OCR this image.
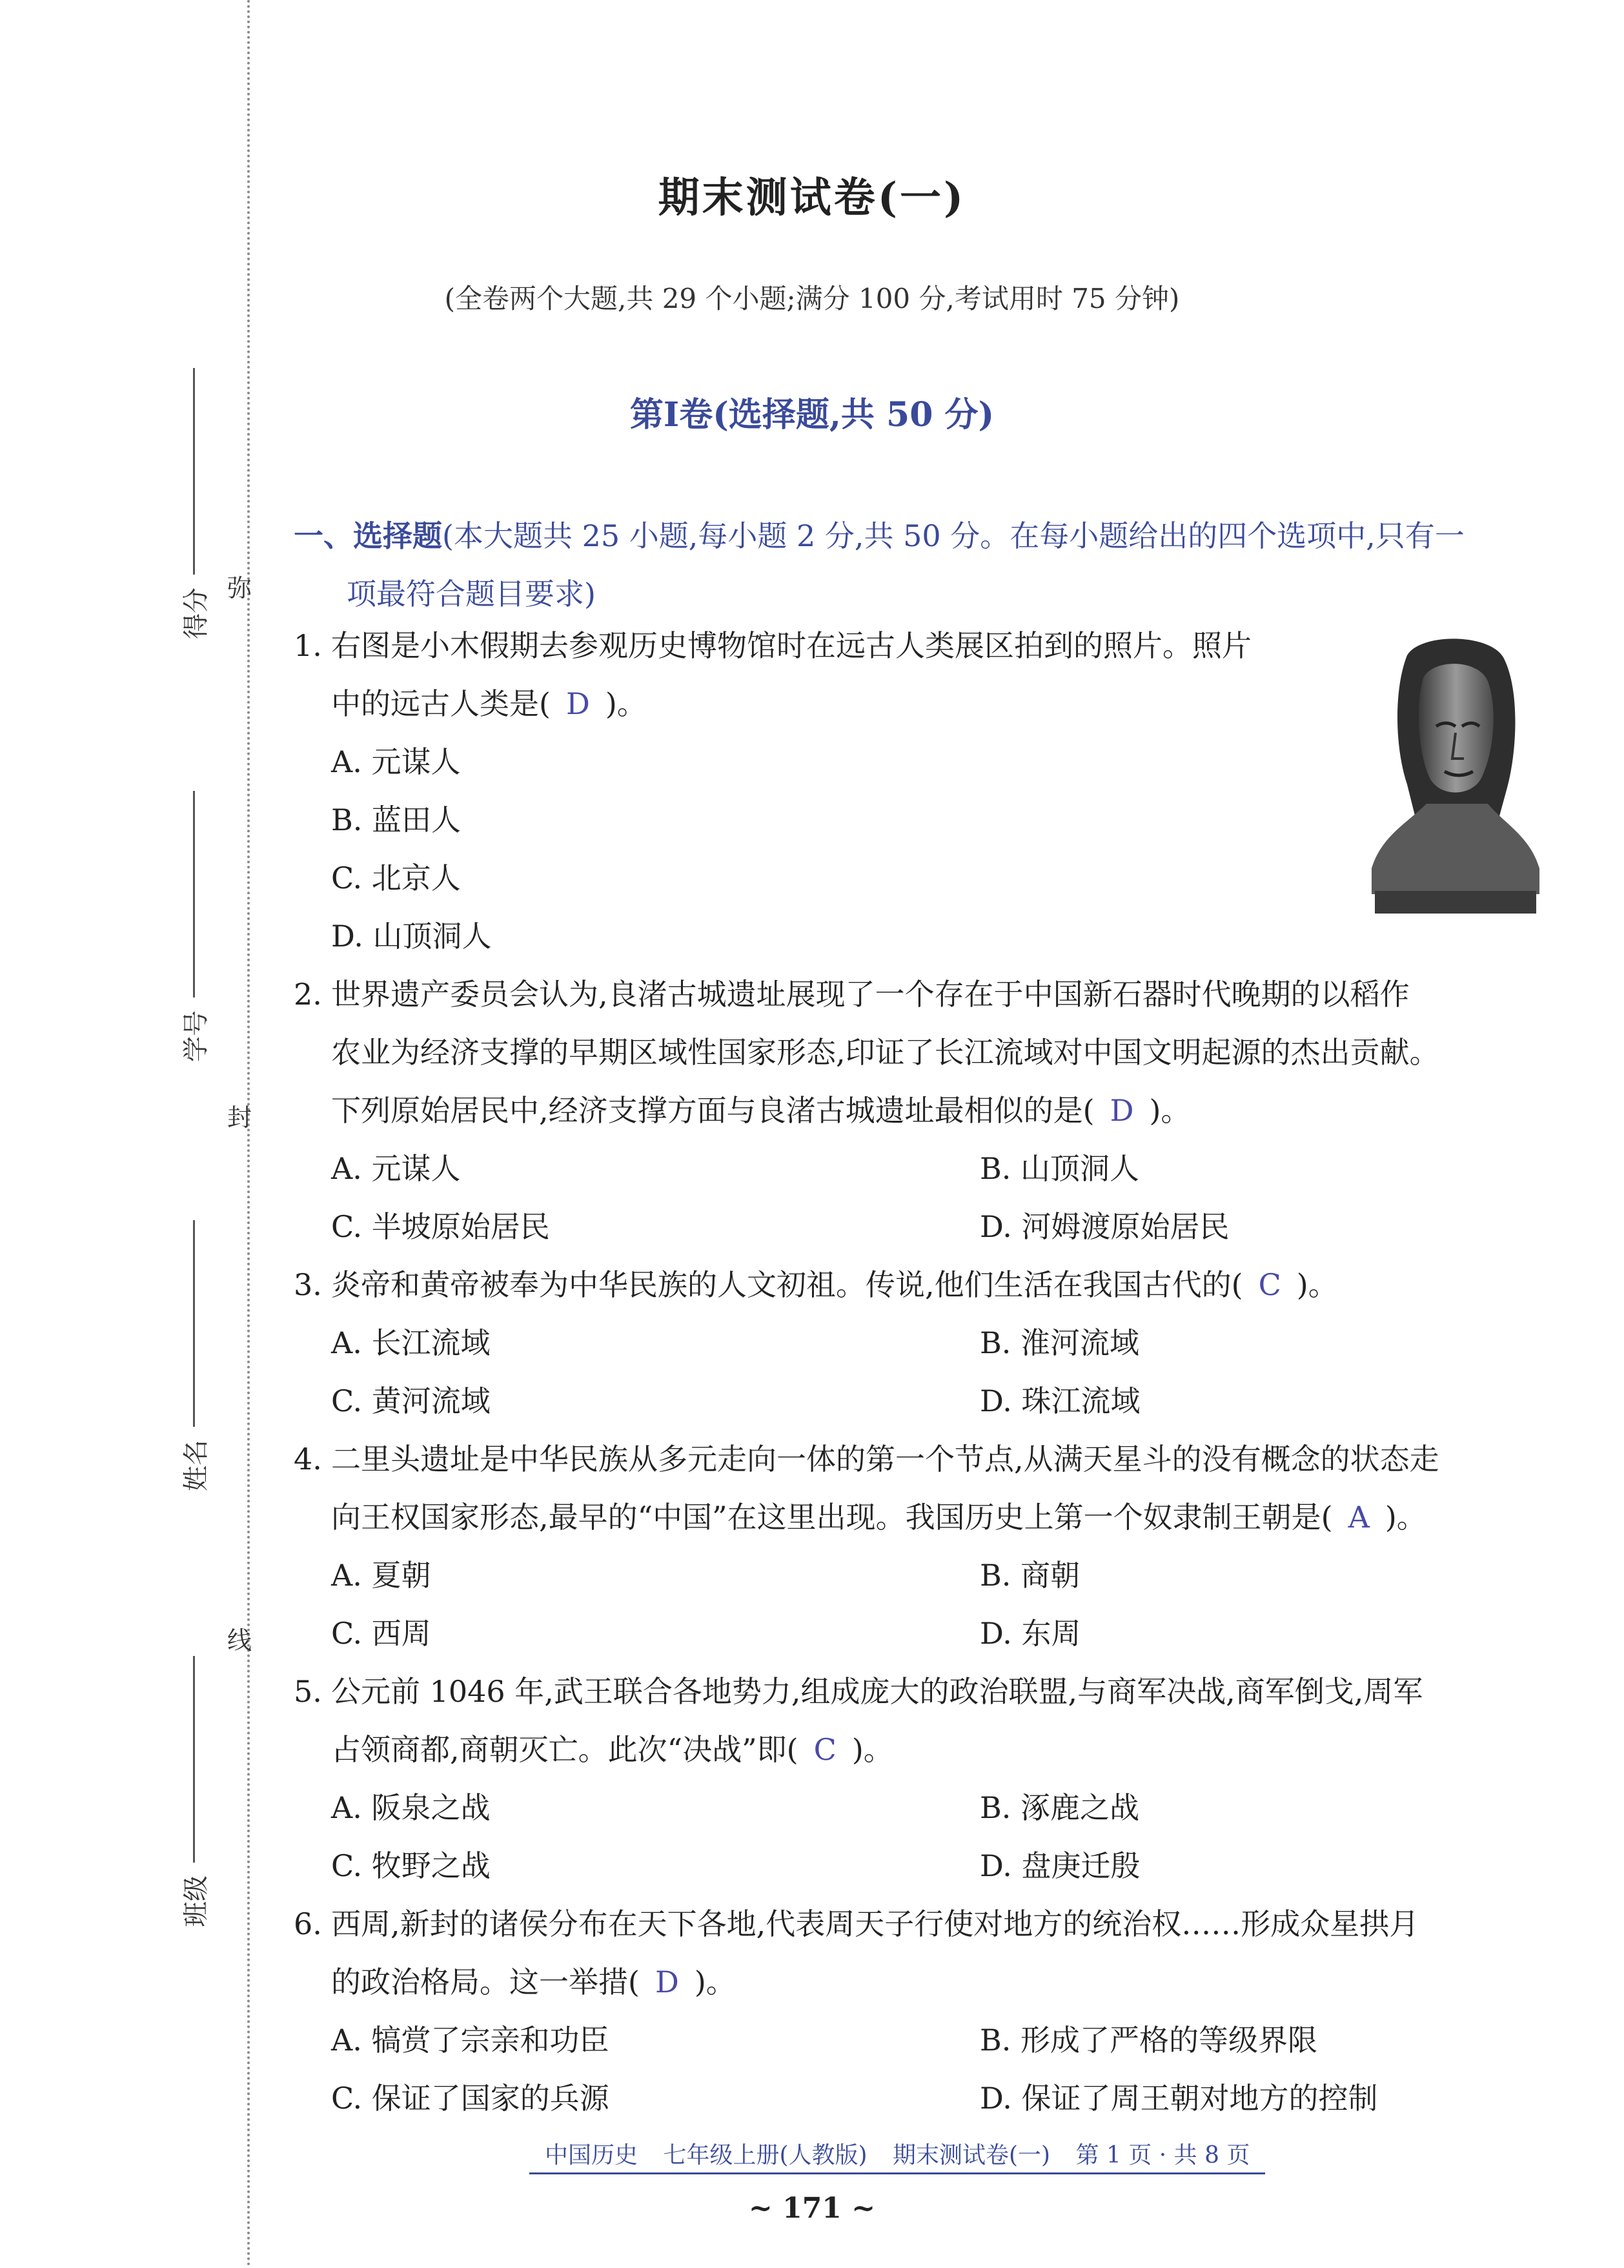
弥
封
线
得分
学号
姓名
班级
期末测试卷(一)
(全卷两个大题,共 29 个小题;满分 100 分,考试用时 75 分钟)
第Ⅰ卷(选择题,共 50 分)
一、选择题(本大题共 25 小题,每小题 2 分,共 50 分。在每小题给出的四个选项中,只有一
项最符合题目要求)
1. 右图是小木假期去参观历史博物馆时在远古人类展区拍到的照片。照片
中的远古人类是( D )。
A. 元谋人
B. 蓝田人
C. 北京人
D. 山顶洞人
2. 世界遗产委员会认为,良渚古城遗址展现了一个存在于中国新石器时代晚期的以稻作
农业为经济支撑的早期区域性国家形态,印证了长江流域对中国文明起源的杰出贡献。
下列原始居民中,经济支撑方面与良渚古城遗址最相似的是( D )。
A. 元谋人	B. 山顶洞人
C. 半坡原始居民	D. 河姆渡原始居民
3. 炎帝和黄帝被奉为中华民族的人文初祖。传说,他们生活在我国古代的( C )。
A. 长江流域	B. 淮河流域
C. 黄河流域	D. 珠江流域
4. 二里头遗址是中华民族从多元走向一体的第一个节点,从满天星斗的没有概念的状态走
向王权国家形态,最早的“中国”在这里出现。我国历史上第一个奴隶制王朝是( A )。
A. 夏朝	B. 商朝
C. 西周	D. 东周
5. 公元前 1046 年,武王联合各地势力,组成庞大的政治联盟,与商军决战,商军倒戈,周军
占领商都,商朝灭亡。此次“决战”即( C )。
A. 阪泉之战	B. 涿鹿之战
C. 牧野之战	D. 盘庚迁殷
6. 西周,新封的诸侯分布在天下各地,代表周天子行使对地方的统治权……形成众星拱月
的政治格局。这一举措( D )。
A. 犒赏了宗亲和功臣	B. 形成了严格的等级界限
C. 保证了国家的兵源	D. 保证了周王朝对地方的控制
中国历史 七年级上册(人教版) 期末测试卷(一) 第 1 页 · 共 8 页
~ 171 ~
